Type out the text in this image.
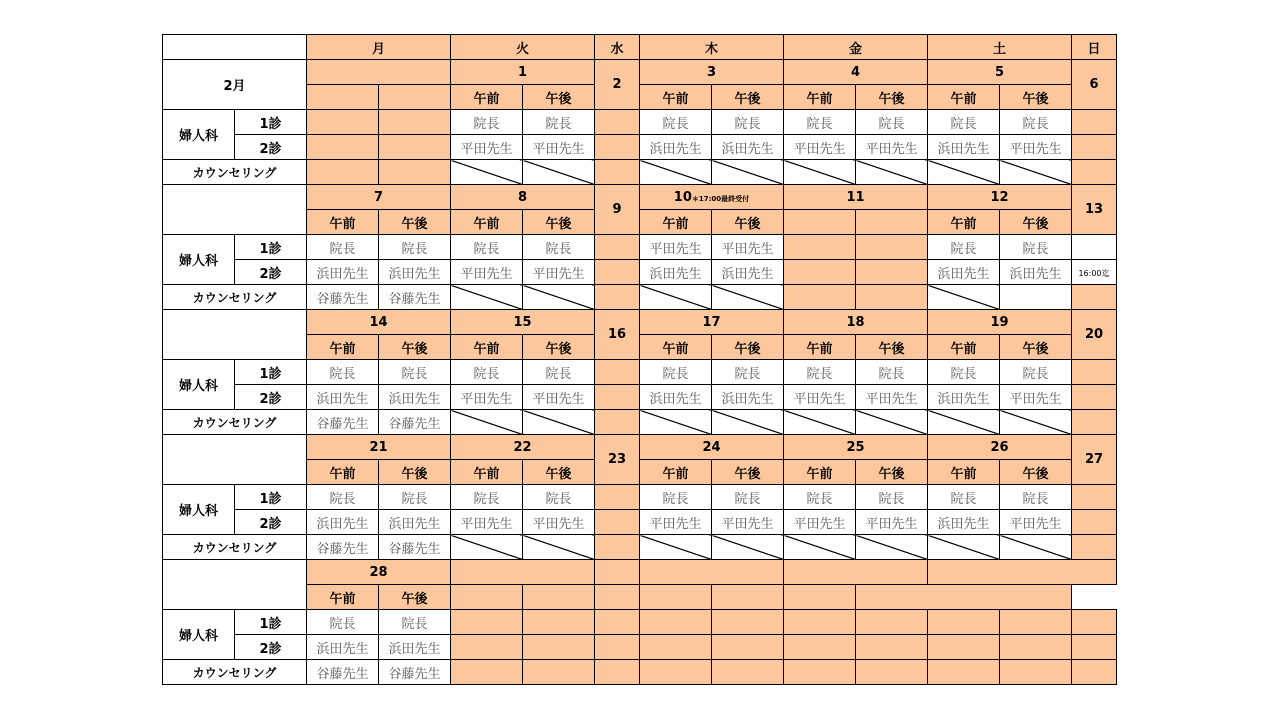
		月		火		水	木		金		土		日
2月				1		2	3		4		5		6
				午前	午後		午前	午後	午前	午後	午前	午後	
婦人科	1診			院長	院長		院長	院長	院長	院長	院長	院長	
	2診			平田先生	平田先生		浜田先生	浜田先生	平田先生	平田先生	浜田先生	平田先生	
カウンセリング													
		7		8		9	10＊17:00最終受付		11		12		13
		午前	午後	午前	午後		午前	午後			午前	午後	
婦人科	1診	院長	院長	院長	院長		平田先生	平田先生			院長	院長	
	2診	浜田先生	浜田先生	平田先生	平田先生		浜田先生	浜田先生			浜田先生	浜田先生	16:00迄
カウンセリング		谷藤先生	谷藤先生										
		14		15		16	17		18		19		20
		午前	午後	午前	午後		午前	午後	午前	午後	午前	午後	
婦人科	1診	院長	院長	院長	院長		院長	院長	院長	院長	院長	院長	
	2診	浜田先生	浜田先生	平田先生	平田先生		浜田先生	浜田先生	平田先生	平田先生	浜田先生	平田先生	
カウンセリング		谷藤先生	谷藤先生										
		21		22		23	24		25		26		27
		午前	午後	午前	午後		午前	午後	午前	午後	午前	午後	
婦人科	1診	院長	院長	院長	院長		院長	院長	院長	院長	院長	院長	
	2診	浜田先生	浜田先生	平田先生	平田先生		平田先生	平田先生	平田先生	平田先生	浜田先生	平田先生	
カウンセリング		谷藤先生	谷藤先生										
		28											
		午前	午後										
婦人科	1診	院長	院長										
	2診	浜田先生	浜田先生										
カウンセリング		谷藤先生	谷藤先生										
